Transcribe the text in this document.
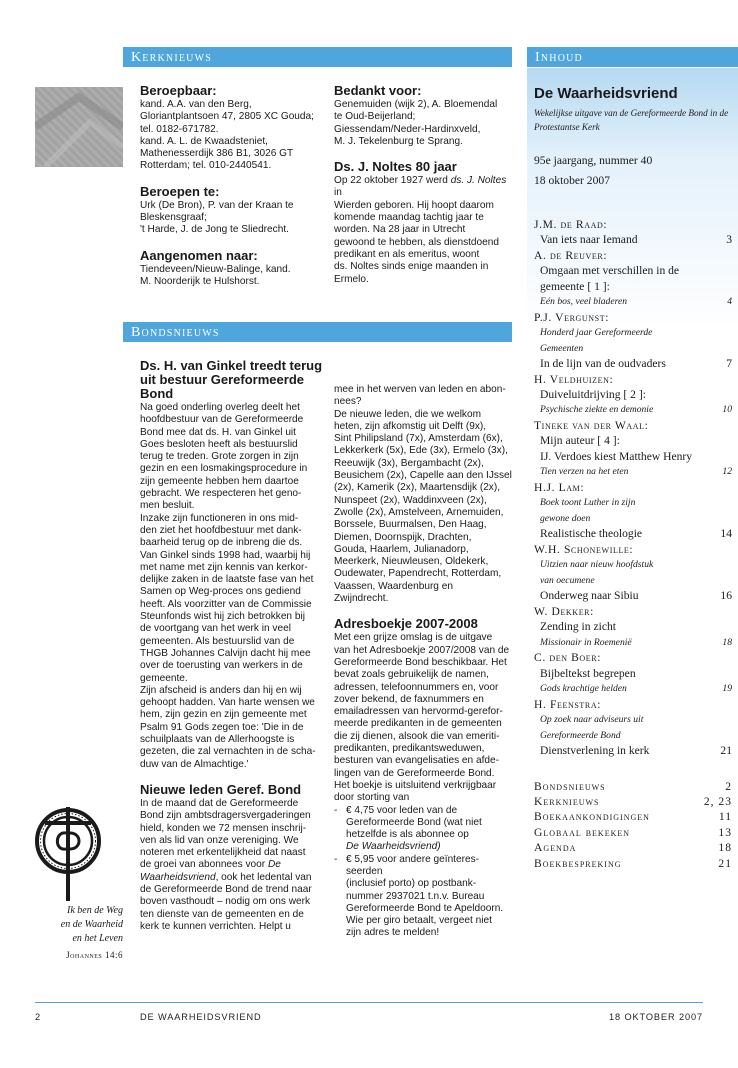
Kerknieuws
Bondsnieuws
Inhoud
Beroepbaar:

kand. A.A. van den Berg,

Gloriantplantsoen 47, 2805 XC Gouda;

tel. 0182-671782.

kand. A. L. de Kwaadsteniet,

Mathenesserdijk 386 B1, 3026 GT

Rotterdam; tel. 010-2440541.

Beroepen te:

Urk (De Bron), P. van der Kraan te

Bleskensgraaf;

't Harde, J. de Jong te Sliedrecht.

Aangenomen naar:

Tiendeveen/Nieuw-Balinge, kand.

M. Noorderijk te Hulshorst.

Bedankt voor:

Genemuiden (wijk 2), A. Bloemendal

te Oud-Beijerland;

Giessendam/Neder-Hardinxveld,

M. J. Tekelenburg te Sprang.

Ds. J. Noltes 80 jaar

Op 22 oktober 1927 werd ds. J. Noltes in

Wierden geboren. Hij hoopt daarom

komende maandag tachtig jaar te

worden. Na 28 jaar in Utrecht

gewoond te hebben, als dienstdoend

predikant en als emeritus, woont

ds. Noltes sinds enige maanden in

Ermelo.

Ds. H. van Ginkel treedt terug uit bestuur Gereformeerde Bond

Na goed onderling overleg deelt het

hoofdbestuur van de Gereformeerde

Bond mee dat ds. H. van Ginkel uit

Goes besloten heeft als bestuurslid

terug te treden. Grote zorgen in zijn

gezin en een losmakingsprocedure in

zijn gemeente hebben hem daartoe

gebracht. We respecteren het geno-

men besluit.

Inzake zijn functioneren in ons mid-

den ziet het hoofdbestuur met dank-

baarheid terug op de inbreng die ds.

Van Ginkel sinds 1998 had, waarbij hij

met name met zijn kennis van kerkor-

delijke zaken in de laatste fase van het

Samen op Weg-proces ons gediend

heeft. Als voorzitter van de Commissie

Steunfonds wist hij zich betrokken bij

de voortgang van het werk in veel

gemeenten. Als bestuurslid van de

THGB Johannes Calvijn dacht hij mee

over de toerusting van werkers in de

gemeente.

Zijn afscheid is anders dan hij en wij

gehoopt hadden. Van harte wensen we

hem, zijn gezin en zijn gemeente met

Psalm 91 Gods zegen toe: 'Die in de

schuilplaats van de Allerhoogste is

gezeten, die zal vernachten in de scha-

duw van de Almachtige.'

Nieuwe leden Geref. Bond

In de maand dat de Gereformeerde

Bond zijn ambtsdragersvergaderingen

hield, konden we 72 mensen inschrij-

ven als lid van onze vereniging. We

noteren met erkentelijkheid dat naast

de groei van abonnees voor De

Waarheidsvriend, ook het ledental van

de Gereformeerde Bond de trend naar

boven vasthoudt – nodig om ons werk

ten dienste van de gemeenten en de

kerk te kunnen verrichten. Helpt u

mee in het werven van leden en abon-

nees?

De nieuwe leden, die we welkom

heten, zijn afkomstig uit Delft (9x),

Sint Philipsland (7x), Amsterdam (6x),

Lekkerkerk (5x), Ede (3x), Ermelo (3x),

Reeuwijk (3x), Bergambacht (2x),

Beusichem (2x), Capelle aan den IJssel

(2x), Kamerik (2x), Maartensdijk (2x),

Nunspeet (2x), Waddinxveen (2x),

Zwolle (2x), Amstelveen, Arnemuiden,

Borssele, Buurmalsen, Den Haag,

Diemen, Doornspijk, Drachten,

Gouda, Haarlem, Julianadorp,

Meerkerk, Nieuwleusen, Oldekerk,

Oudewater, Papendrecht, Rotterdam,

Vaassen, Waardenburg en

Zwijndrecht.

Adresboekje 2007-2008

Met een grijze omslag is de uitgave

van het Adresboekje 2007/2008 van de

Gereformeerde Bond beschikbaar. Het

bevat zoals gebruikelijk de namen,

adressen, telefoonnummers en, voor

zover bekend, de faxnummers en

emailadressen van hervormd-gerefor-

meerde predikanten in de gemeenten

die zij dienen, alsook die van emeriti-

predikanten, predikantsweduwen,

besturen van evangelisaties en afde-

lingen van de Gereformeerde Bond.

Het boekje is uitsluitend verkrijgbaar

door storting van

- € 4,75 voor leden van de

Gereformeerde Bond (wat niet

hetzelfde is als abonnee op

De Waarheidsvriend)

- € 5,95 voor andere geïnteres-

seerden

(inclusief porto) op postbank-

nummer 2937021 t.n.v. Bureau

Gereformeerde Bond te Apeldoorn.

Wie per giro betaalt, vergeet niet

zijn adres te melden!

De Waarheidsvriend
Wekelijkse uitgave van de Gereformeerde Bond in de Protestantse Kerk
95e jaargang, nummer 40
18 oktober 2007
J.M. de Raad:
Van iets naar Iemand	3
A. de Reuver:
Omgaan met verschillen in de
gemeente [ 1 ]:
Eén bos, veel bladeren	4
P.J. Vergunst:
Honderd jaar Gereformeerde
Gemeenten
In de lijn van de oudvaders	7
H. Veldhuizen:
Duiveluitdrijving [ 2 ]:
Psychische ziekte en demonie	10
Tineke van der Waal:
Mijn auteur [ 4 ]:
IJ. Verdoes kiest Matthew Henry
Tien verzen na het eten	12
H.J. Lam:
Boek toont Luther in zijn
gewone doen
Realistische theologie	14
W.H. Schonewille:
Uitzien naar nieuw hoofdstuk
van oecumene
Onderweg naar Sibiu	16
W. Dekker:
Zending in zicht
Missionair in Roemenië	18
C. den Boer:
Bijbeltekst begrepen
Gods krachtige helden	19
H. Feenstra:
Op zoek naar adviseurs uit
Gereformeerde Bond
Dienstverlening in kerk	21
Bondsnieuws	2
Kerknieuws	2, 23
Boekaankondigingen	11
Globaal bekeken	13
Agenda	18
Boekbespreking	21
Ik ben de Weg
en de Waarheid
en het Leven
Johannes 14:6
2	DE WAARHEIDSVRIEND	18 OKTOBER 2007
